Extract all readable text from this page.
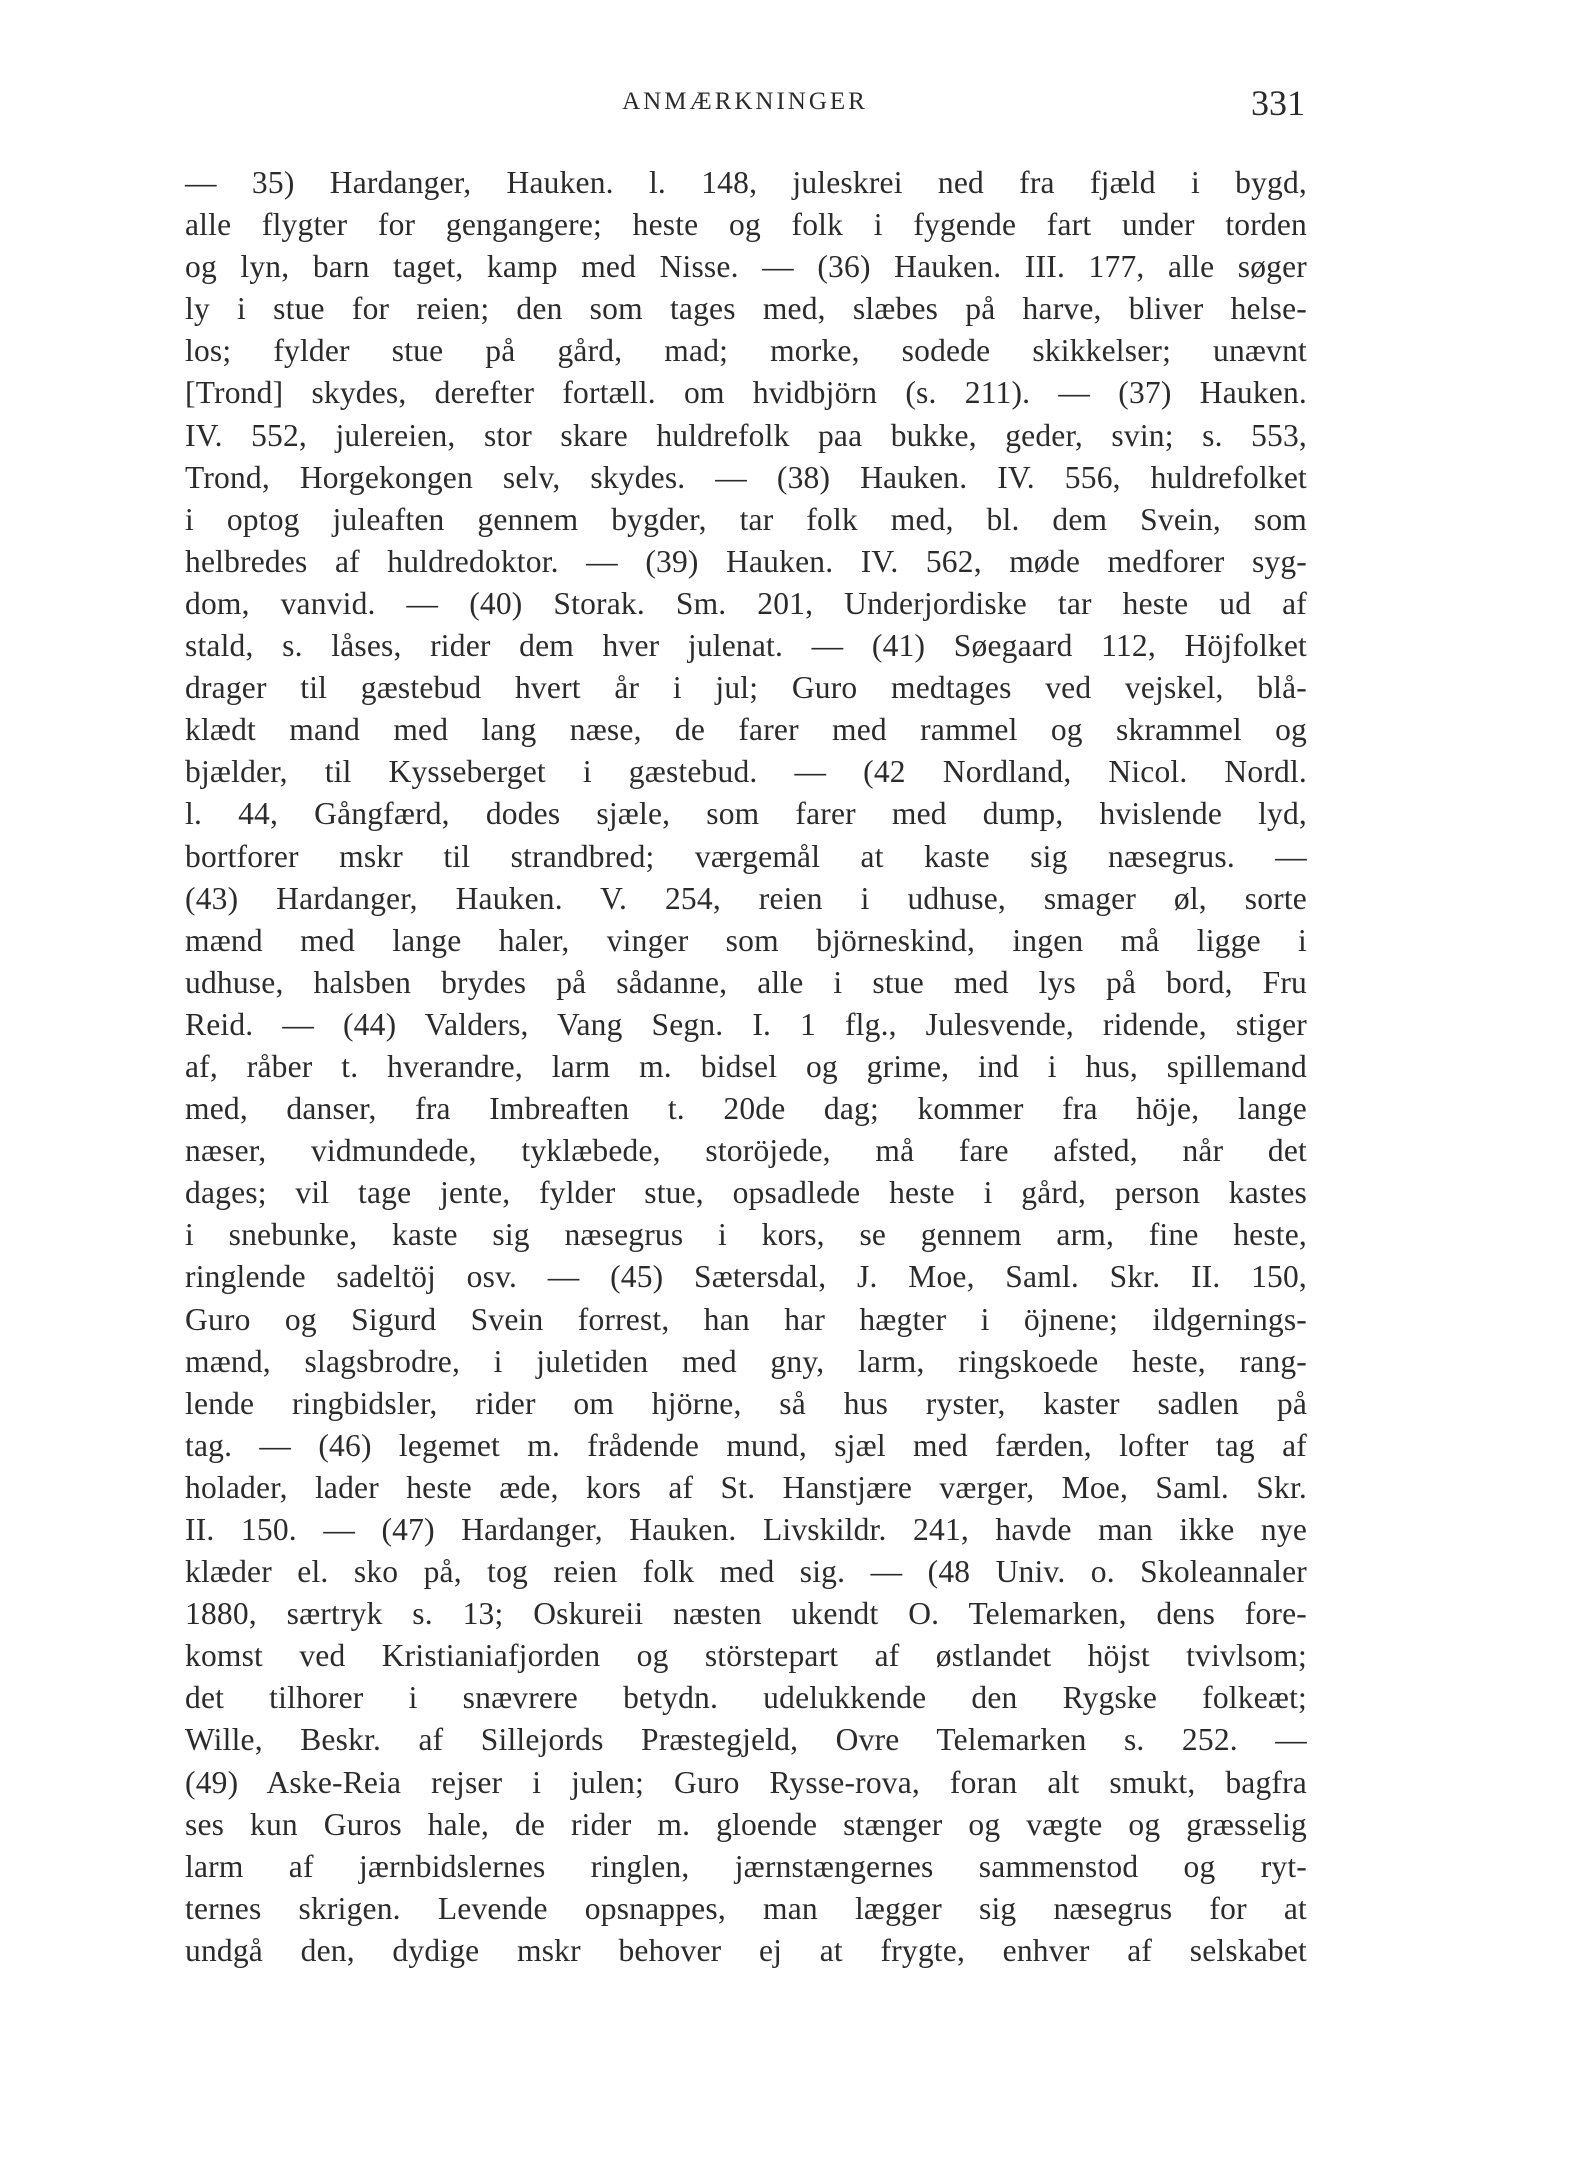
ANMÆRKNINGER	331
— 35) Hardanger, Hauken. l. 148, juleskrei ned fra fjæld i bygd,
alle flygter for gengangere; heste og folk i fygende fart under torden
og lyn, barn taget, kamp med Nisse. — (36) Hauken. III. 177, alle søger
ly i stue for reien; den som tages med, slæbes på harve, bliver helse-
los; fylder stue på gård, mad; morke, sodede skikkelser; unævnt
[Trond] skydes, derefter fortæll. om hvidbjörn (s. 211). — (37) Hauken.
IV. 552, julereien, stor skare huldrefolk paa bukke, geder, svin; s. 553,
Trond, Horgekongen selv, skydes. — (38) Hauken. IV. 556, huldrefolket
i optog juleaften gennem bygder, tar folk med, bl. dem Svein, som
helbredes af huldredoktor. — (39) Hauken. IV. 562, møde medforer syg-
dom, vanvid. — (40) Storak. Sm. 201, Underjordiske tar heste ud af
stald, s. låses, rider dem hver julenat. — (41) Søegaard 112, Höjfolket
drager til gæstebud hvert år i jul; Guro medtages ved vejskel, blå-
klædt mand med lang næse, de farer med rammel og skrammel og
bjælder, til Kysseberget i gæstebud. — (42 Nordland, Nicol. Nordl.
l. 44, Gångfærd, dodes sjæle, som farer med dump, hvislende lyd,
bortforer mskr til strandbred; værgemål at kaste sig næsegrus. —
(43) Hardanger, Hauken. V. 254, reien i udhuse, smager øl, sorte
mænd med lange haler, vinger som björneskind, ingen må ligge i
udhuse, halsben brydes på sådanne, alle i stue med lys på bord, Fru
Reid. — (44) Valders, Vang Segn. I. 1 flg., Julesvende, ridende, stiger
af, råber t. hverandre, larm m. bidsel og grime, ind i hus, spillemand
med, danser, fra Imbreaften t. 20de dag; kommer fra höje, lange
næser, vidmundede, tyklæbede, storöjede, må fare afsted, når det
dages; vil tage jente, fylder stue, opsadlede heste i gård, person kastes
i snebunke, kaste sig næsegrus i kors, se gennem arm, fine heste,
ringlende sadeltöj osv. — (45) Sætersdal, J. Moe, Saml. Skr. II. 150,
Guro og Sigurd Svein forrest, han har hægter i öjnene; ildgernings-
mænd, slagsbrodre, i juletiden med gny, larm, ringskoede heste, rang-
lende ringbidsler, rider om hjörne, så hus ryster, kaster sadlen på
tag. — (46) legemet m. frådende mund, sjæl med færden, lofter tag af
holader, lader heste æde, kors af St. Hanstjære værger, Moe, Saml. Skr.
II. 150. — (47) Hardanger, Hauken. Livskildr. 241, havde man ikke nye
klæder el. sko på, tog reien folk med sig. — (48 Univ. o. Skoleannaler
1880, særtryk s. 13; Oskureii næsten ukendt O. Telemarken, dens fore-
komst ved Kristianiafjorden og störstepart af østlandet höjst tvivlsom;
det tilhorer i snævrere betydn. udelukkende den Rygske folkeæt;
Wille, Beskr. af Sillejords Præstegjeld, Ovre Telemarken s. 252. —
(49) Aske-Reia rejser i julen; Guro Rysse-rova, foran alt smukt, bagfra
ses kun Guros hale, de rider m. gloende stænger og vægte og græsselig
larm af jærnbidslernes ringlen, jærnstængernes sammenstod og ryt-
ternes skrigen. Levende opsnappes, man lægger sig næsegrus for at
undgå den, dydige mskr behover ej at frygte, enhver af selskabet
